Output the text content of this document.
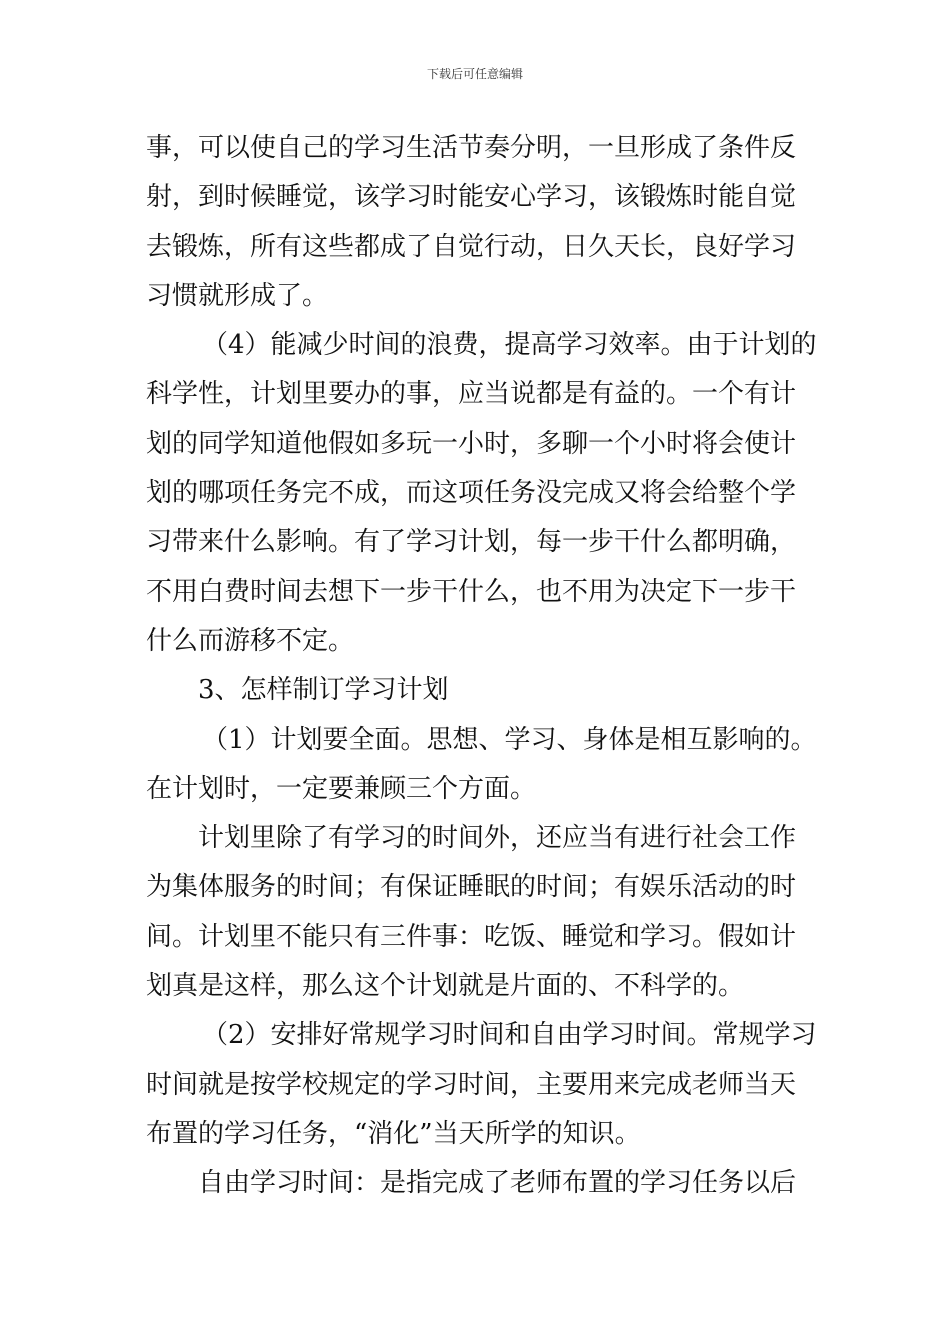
下载后可任意编辑
事，可以使自己的学习生活节奏分明，一旦形成了条件反
射，到时候睡觉，该学习时能安心学习，该锻炼时能自觉
去锻炼，所有这些都成了自觉行动，日久天长，良好学习
习惯就形成了。
（4）能减少时间的浪费，提高学习效率。由于计划的
科学性，计划里要办的事，应当说都是有益的。一个有计
划的同学知道他假如多玩一小时，多聊一个小时将会使计
划的哪项任务完不成，而这项任务没完成又将会给整个学
习带来什么影响。有了学习计划，每一步干什么都明确，
不用白费时间去想下一步干什么，也不用为决定下一步干
什么而游移不定。
3、怎样制订学习计划
（1）计划要全面。思想、学习、身体是相互影响的。
在计划时，一定要兼顾三个方面。
计划里除了有学习的时间外，还应当有进行社会工作
为集体服务的时间；有保证睡眠的时间；有娱乐活动的时
间。计划里不能只有三件事：吃饭、睡觉和学习。假如计
划真是这样，那么这个计划就是片面的、不科学的。
（2）安排好常规学习时间和自由学习时间。常规学习
时间就是按学校规定的学习时间，主要用来完成老师当天
布置的学习任务，“消化”当天所学的知识。
自由学习时间：是指完成了老师布置的学习任务以后
